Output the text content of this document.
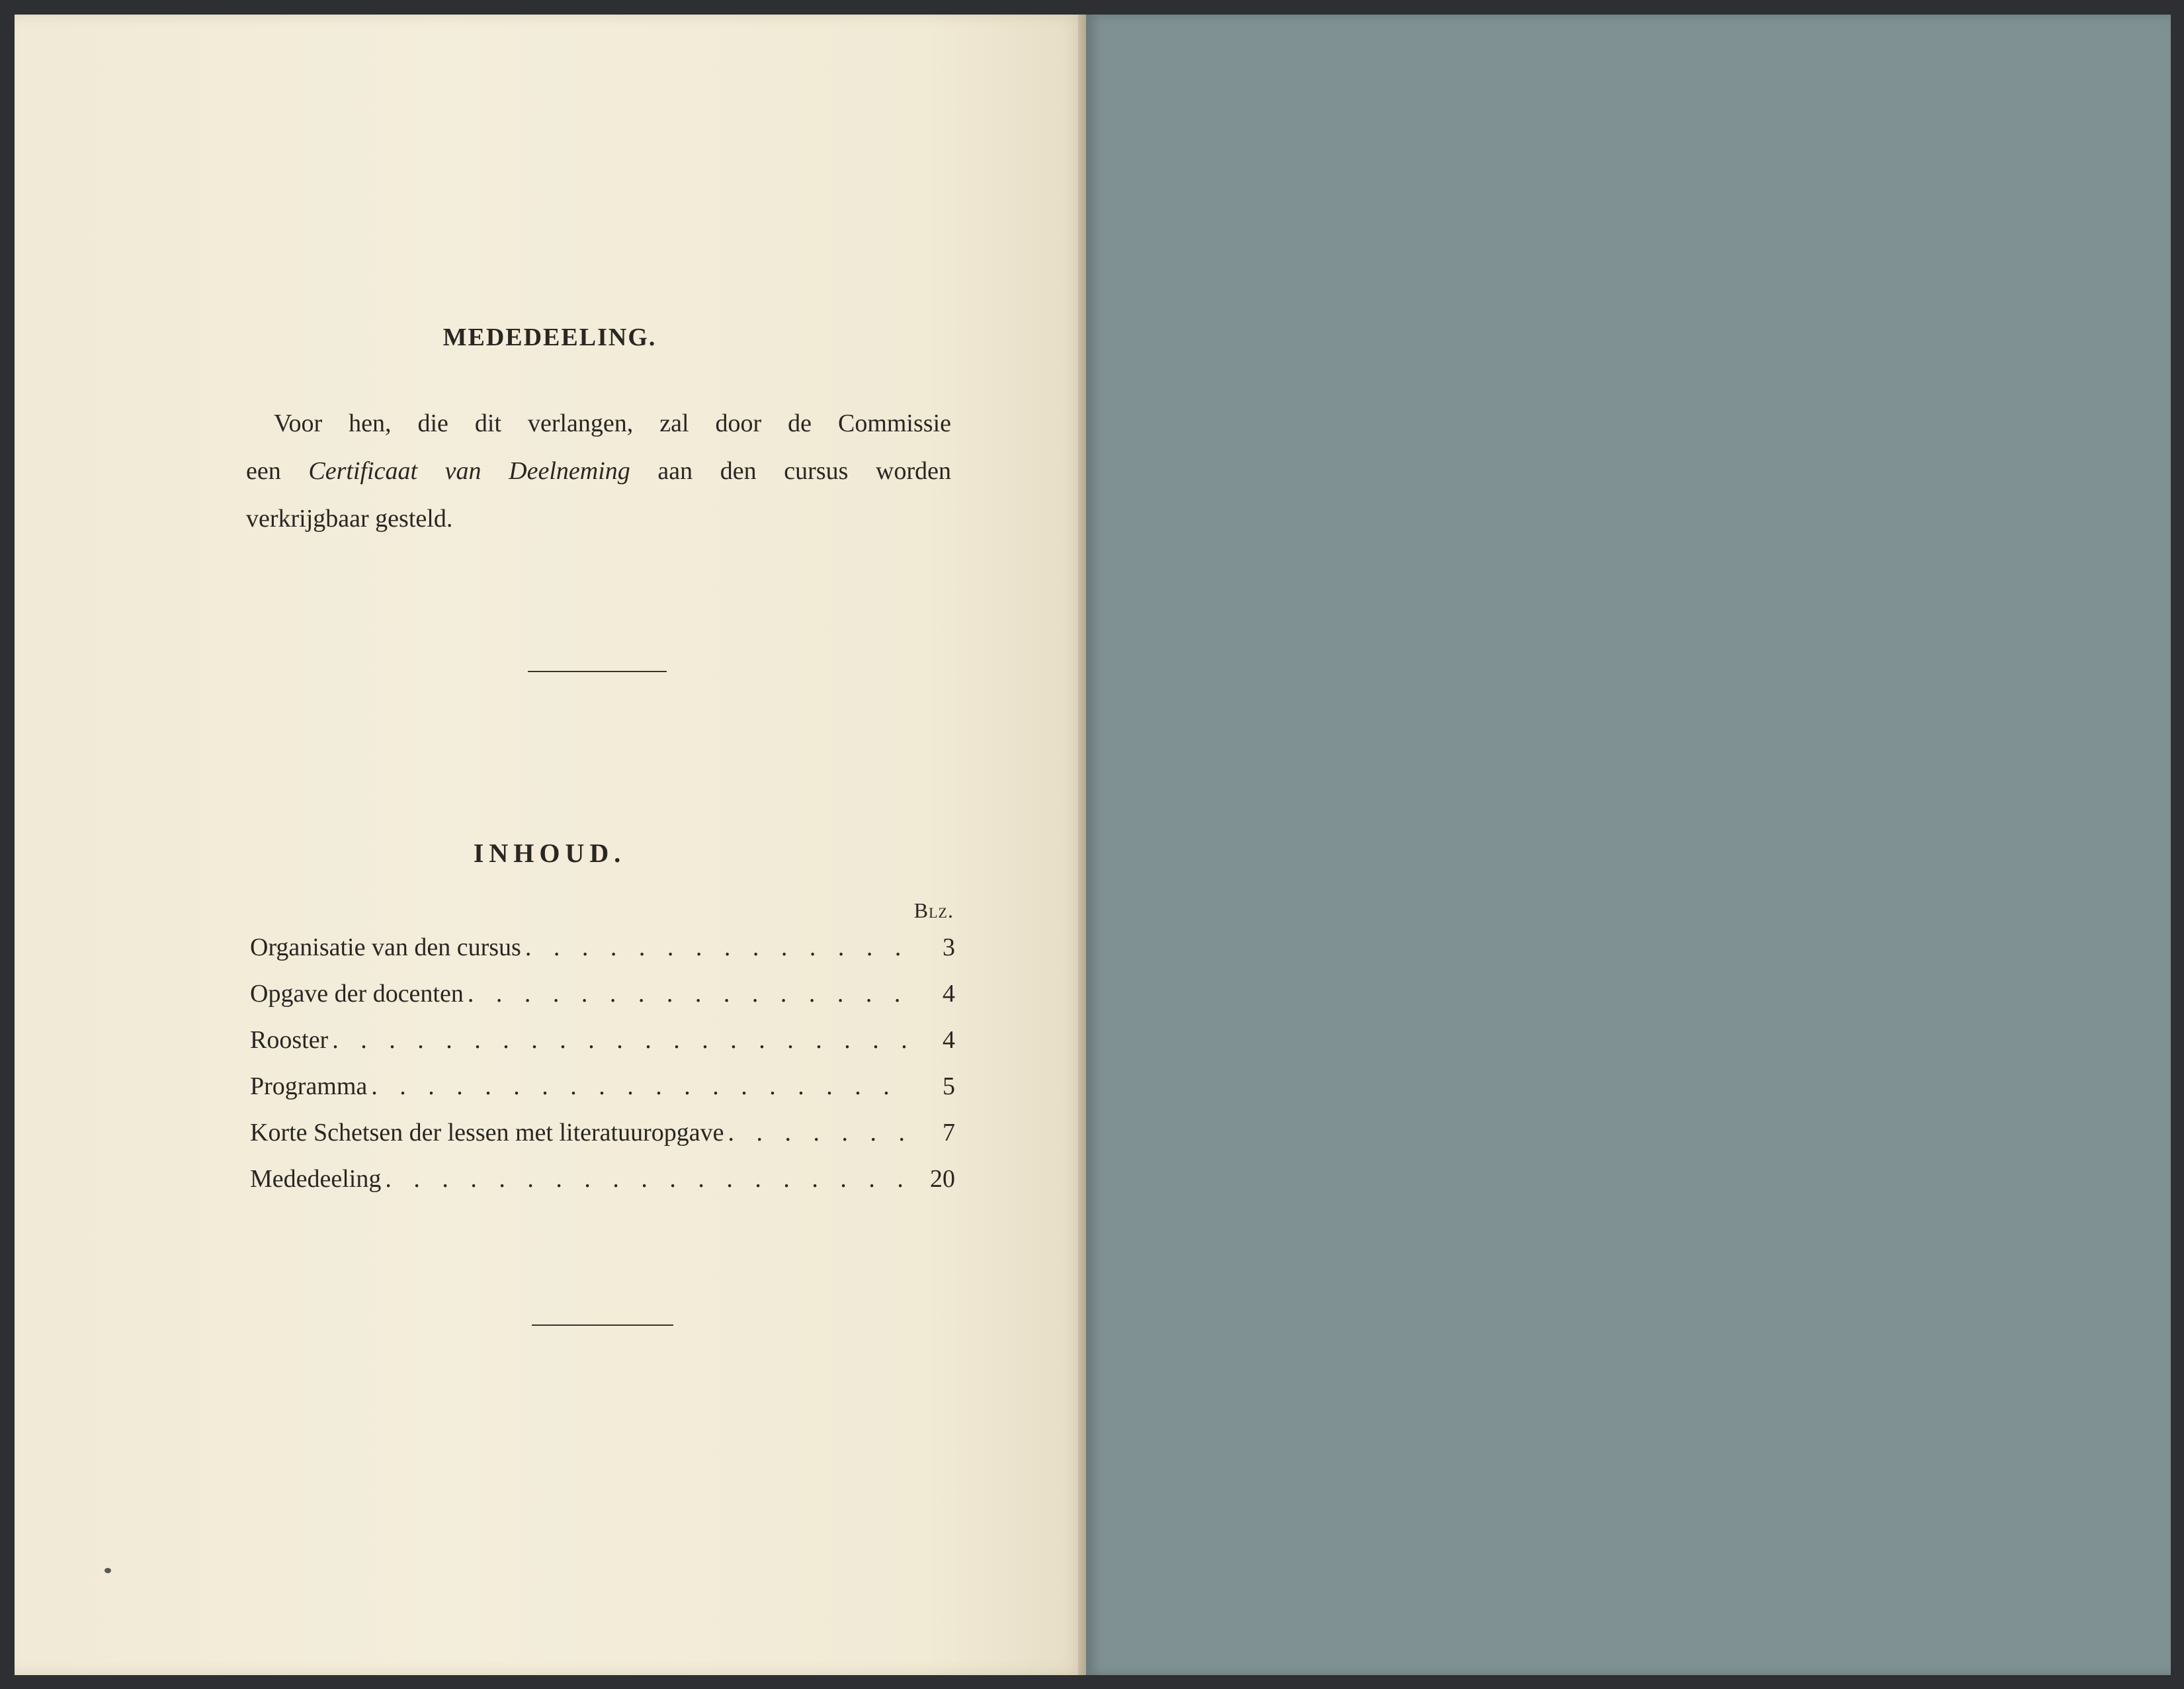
MEDEDEELING.
Voor hen, die dit verlangen, zal door de Commissie
een Certificaat van Deelneming aan den cursus worden
verkrijgbaar gesteld.
INHOUD.
Blz.
Organisatie van den cursus . . .	3
Opgave der docenten . . .	4
Rooster . . .	4
Programma . . .	5
Korte Schetsen der lessen met literatuuropgave . . .	7
Mededeeling . . .	20
